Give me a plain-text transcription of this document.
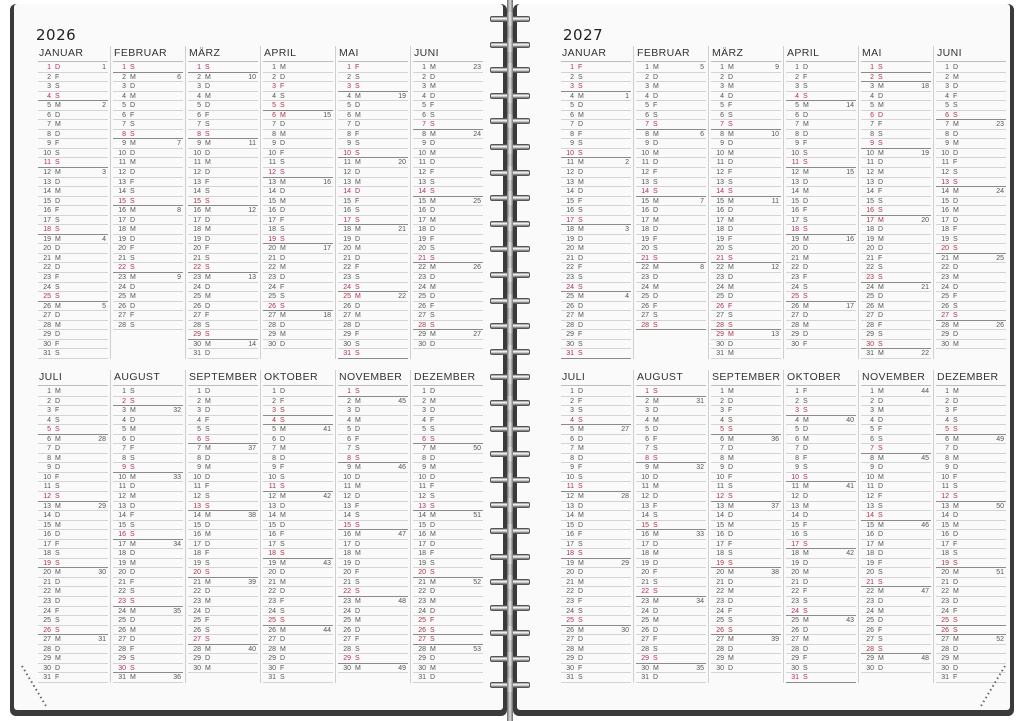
2026
JANUAR
1 D	1
2 F
3 S
4 S
5 M	2
6 D
7 M
8 D
9 F
10 S
11 S
12 M	3
13 D
14 M
15 D
16 F
17 S
18 S
19 M	4
20 D
21 M
22 D
23 F
24 S
25 S
26 M	5
27 D
28 M
29 D
30 F
31 S
FEBRUAR
1 S
2 M	6
3 D
4 M
5 D
6 F
7 S
8 S
9 M	7
10 D
11 M
12 D
13 F
14 S
15 S
16 M	8
17 D
18 M
19 D
20 F
21 S
22 S
23 M	9
24 D
25 M
26 D
27 F
28 S
MÄRZ
1 S
2 M	10
3 D
4 M
5 D
6 F
7 S
8 S
9 M	11
10 D
11 M
12 D
13 F
14 S
15 S
16 M	12
17 D
18 M
19 D
20 F
21 S
22 S
23 M	13
24 D
25 M
26 D
27 F
28 S
29 S
30 M	14
31 D
APRIL
1 M
2 D
3 F
4 S
5 S
6 M	15
7 D
8 M
9 D
10 F
11 S
12 S
13 M	16
14 D
15 M
16 D
17 F
18 S
19 S
20 M	17
21 D
22 M
23 D
24 F
25 S
26 S
27 M	18
28 D
29 M
30 D
MAI
1 F
2 S
3 S
4 M	19
5 D
6 M
7 D
8 F
9 S
10 S
11 M	20
12 D
13 M
14 D
15 F
16 S
17 S
18 M	21
19 D
20 M
21 D
22 F
23 S
24 S
25 M	22
26 D
27 M
28 D
29 F
30 S
31 S
JUNI
1 M	23
2 D
3 M
4 D
5 F
6 S
7 S
8 M	24
9 D
10 M
11 D
12 F
13 S
14 S
15 M	25
16 D
17 M
18 D
19 F
20 S
21 S
22 M	26
23 D
24 M
25 D
26 F
27 S
28 S
29 M	27
30 D
JULI
1 M
2 D
3 F
4 S
5 S
6 M	28
7 D
8 M
9 D
10 F
11 S
12 S
13 M	29
14 D
15 M
16 D
17 F
18 S
19 S
20 M	30
21 D
22 M
23 D
24 F
25 S
26 S
27 M	31
28 D
29 M
30 D
31 F
AUGUST
1 S
2 S
3 M	32
4 D
5 M
6 D
7 F
8 S
9 S
10 M	33
11 D
12 M
13 D
14 F
15 S
16 S
17 M	34
18 D
19 M
20 D
21 F
22 S
23 S
24 M	35
25 D
26 M
27 D
28 F
29 S
30 S
31 M	36
SEPTEMBER
1 D
2 M
3 D
4 F
5 S
6 S
7 M	37
8 D
9 M
10 D
11 F
12 S
13 S
14 M	38
15 D
16 M
17 D
18 F
19 S
20 S
21 M	39
22 D
23 M
24 D
25 F
26 S
27 S
28 M	40
29 D
30 M
OKTOBER
1 D
2 F
3 S
4 S
5 M	41
6 D
7 M
8 D
9 F
10 S
11 S
12 M	42
13 D
14 M
15 D
16 F
17 S
18 S
19 M	43
20 D
21 M
22 D
23 F
24 S
25 S
26 M	44
27 D
28 M
29 D
30 F
31 S
NOVEMBER
1 S
2 M	45
3 D
4 M
5 D
6 F
7 S
8 S
9 M	46
10 D
11 M
12 D
13 F
14 S
15 S
16 M	47
17 D
18 M
19 D
20 F
21 S
22 S
23 M	48
24 D
25 M
26 D
27 F
28 S
29 S
30 M	49
DEZEMBER
1 D
2 M
3 D
4 F
5 S
6 S
7 M	50
8 D
9 M
10 D
11 F
12 S
13 S
14 M	51
15 D
16 M
17 D
18 F
19 S
20 S
21 M	52
22 D
23 M
24 D
25 F
26 S
27 S
28 M	53
29 D
30 M
31 D
2027
JANUAR
1 F
2 S
3 S
4 M	1
5 D
6 M
7 D
8 F
9 S
10 S
11 M	2
12 D
13 M
14 D
15 F
16 S
17 S
18 M	3
19 D
20 M
21 D
22 F
23 S
24 S
25 M	4
26 D
27 M
28 D
29 F
30 S
31 S
FEBRUAR
1 M	5
2 D
3 M
4 D
5 F
6 S
7 S
8 M	6
9 D
10 M
11 D
12 F
13 S
14 S
15 M	7
16 D
17 M
18 D
19 F
20 S
21 S
22 M	8
23 D
24 M
25 D
26 F
27 S
28 S
MÄRZ
1 M	9
2 D
3 M
4 D
5 F
6 S
7 S
8 M	10
9 D
10 M
11 D
12 F
13 S
14 S
15 M	11
16 D
17 M
18 D
19 F
20 S
21 S
22 M	12
23 D
24 M
25 D
26 F
27 S
28 S
29 M	13
30 D
31 M
APRIL
1 D
2 F
3 S
4 S
5 M	14
6 D
7 M
8 D
9 F
10 S
11 S
12 M	15
13 D
14 M
15 D
16 F
17 S
18 S
19 M	16
20 D
21 M
22 D
23 F
24 S
25 S
26 M	17
27 D
28 M
29 D
30 F
MAI
1 S
2 S
3 M	18
4 D
5 M
6 D
7 F
8 S
9 S
10 M	19
11 D
12 M
13 D
14 F
15 S
16 S
17 M	20
18 D
19 M
20 D
21 F
22 S
23 S
24 M	21
25 D
26 M
27 D
28 F
29 S
30 S
31 M	22
JUNI
1 D
2 M
3 D
4 F
5 S
6 S
7 M	23
8 D
9 M
10 D
11 F
12 S
13 S
14 M	24
15 D
16 M
17 D
18 F
19 S
20 S
21 M	25
22 D
23 M
24 D
25 F
26 S
27 S
28 M	26
29 D
30 M
JULI
1 D
2 F
3 S
4 S
5 M	27
6 D
7 M
8 D
9 F
10 S
11 S
12 M	28
13 D
14 M
15 D
16 F
17 S
18 S
19 M	29
20 D
21 M
22 D
23 F
24 S
25 S
26 M	30
27 D
28 M
29 D
30 F
31 S
AUGUST
1 S
2 M	31
3 D
4 M
5 D
6 F
7 S
8 S
9 M	32
10 D
11 M
12 D
13 F
14 S
15 S
16 M	33
17 D
18 M
19 D
20 F
21 S
22 S
23 M	34
24 D
25 M
26 D
27 F
28 S
29 S
30 M	35
31 D
SEPTEMBER
1 M
2 D
3 F
4 S
5 S
6 M	36
7 D
8 M
9 D
10 F
11 S
12 S
13 M	37
14 D
15 M
16 D
17 F
18 S
19 S
20 M	38
21 D
22 M
23 D
24 F
25 S
26 S
27 M	39
28 D
29 M
30 D
OKTOBER
1 F
2 S
3 S
4 M	40
5 D
6 M
7 D
8 F
9 S
10 S
11 M	41
12 D
13 M
14 D
15 F
16 S
17 S
18 M	42
19 D
20 M
21 D
22 F
23 S
24 S
25 M	43
26 D
27 M
28 D
29 F
30 S
31 S
NOVEMBER
1 M	44
2 D
3 M
4 D
5 F
6 S
7 S
8 M	45
9 D
10 M
11 D
12 F
13 S
14 S
15 M	46
16 D
17 M
18 D
19 F
20 S
21 S
22 M	47
23 D
24 M
25 D
26 F
27 S
28 S
29 M	48
30 D
DEZEMBER
1 M
2 D
3 F
4 S
5 S
6 M	49
7 D
8 M
9 D
10 F
11 S
12 S
13 M	50
14 D
15 M
16 D
17 F
18 S
19 S
20 M	51
21 D
22 M
23 D
24 F
25 S
26 S
27 M	52
28 D
29 M
30 D
31 F
